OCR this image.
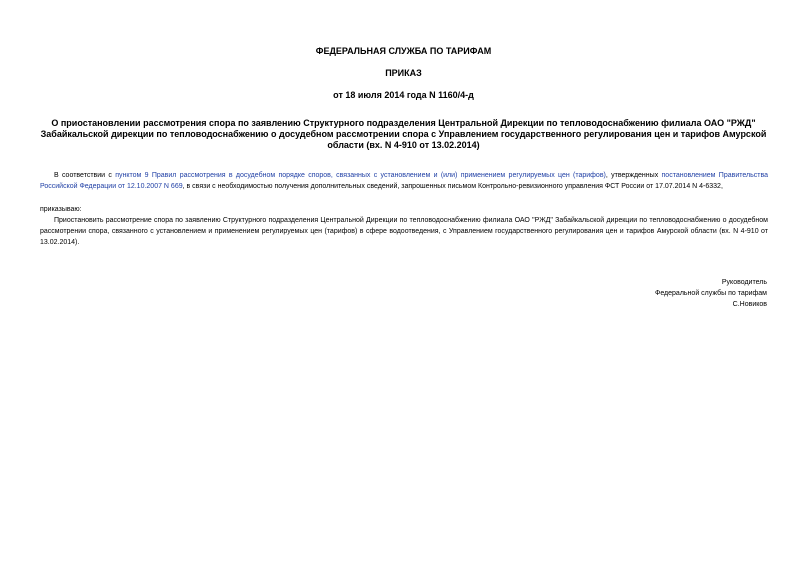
ФЕДЕРАЛЬНАЯ СЛУЖБА ПО ТАРИФАМ

ПРИКАЗ

от 18 июля 2014 года N 1160/4-д

О приостановлении рассмотрения спора по заявлению Структурного подразделения Центральной Дирекции по тепловодоснабжению филиала ОАО "РЖД" Забайкальской дирекции по тепловодоснабжению о досудебном рассмотрении спора с Управлением государственного регулирования цен и тарифов Амурской области (вх. N 4-910 от 13.02.2014)

В соответствии с пунктом 9 Правил рассмотрения в досудебном порядке споров, связанных с установлением и (или) применением регулируемых цен (тарифов), утвержденных постановлением Правительства Российской Федерации от 12.10.2007 N 669, в связи с необходимостью получения дополнительных сведений, запрошенных письмом Контрольно-ревизионного управления ФСТ России от 17.07.2014 N 4-6332,

приказываю:

Приостановить рассмотрение спора по заявлению Структурного подразделения Центральной Дирекции по тепловодоснабжению филиала ОАО "РЖД" Забайкальской дирекции по тепловодоснабжению о досудебном рассмотрении спора, связанного с установлением и применением регулируемых цен (тарифов) в сфере водоотведения, с Управлением государственного регулирования цен и тарифов Амурской области (вх. N 4-910 от 13.02.2014).

Руководитель
Федеральной службы по тарифам
С.Новиков
